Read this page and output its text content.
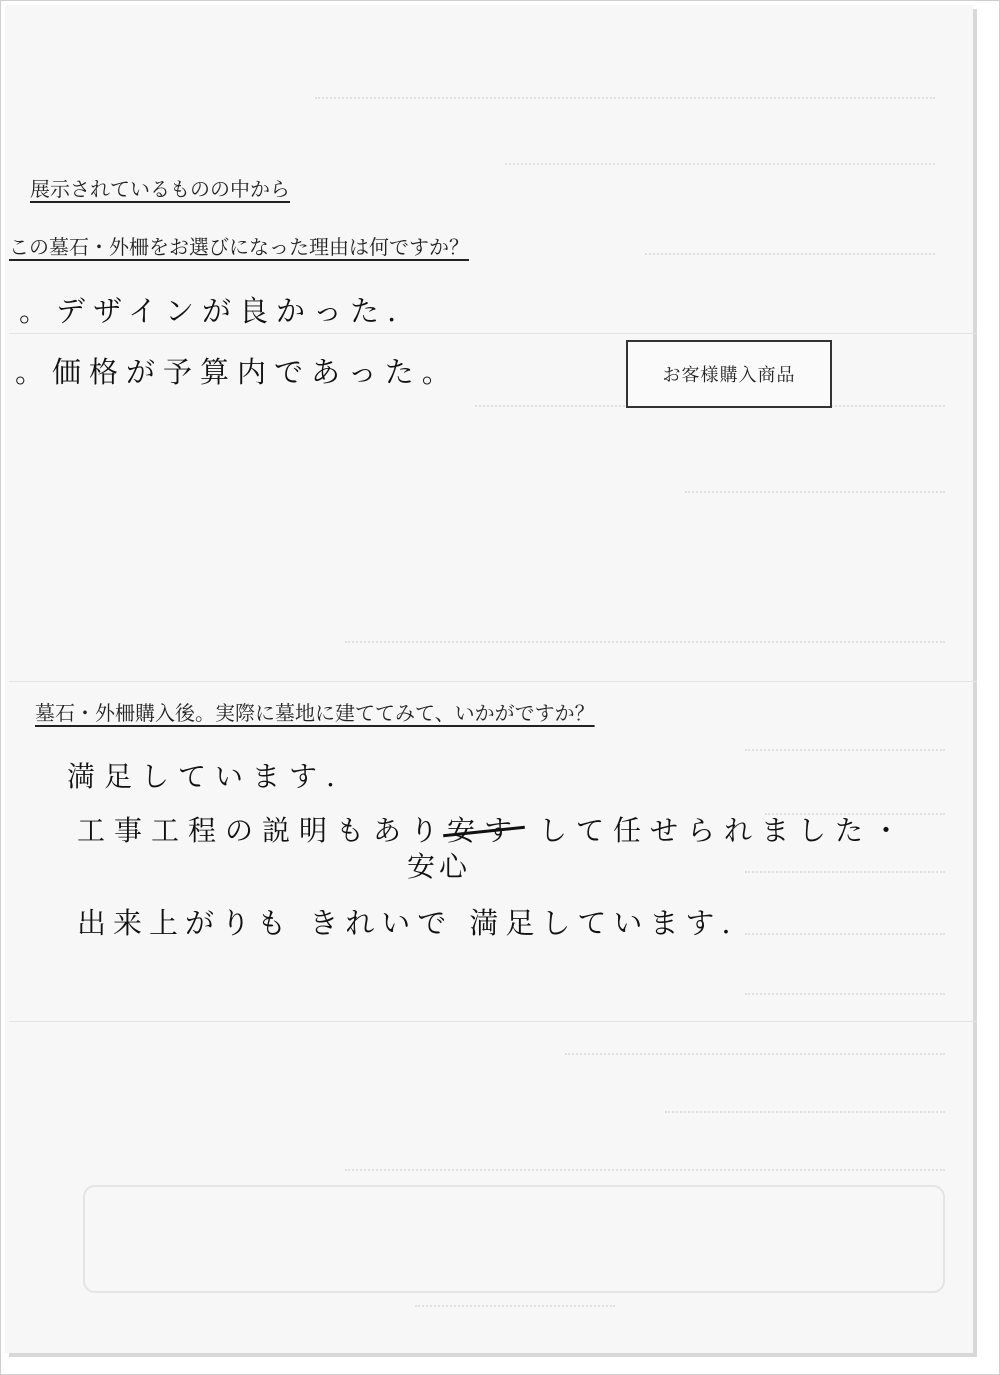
展示されているものの中から

この墓石・外柵をお選びになった理由は何ですか？

。デザインが良かった.

。価格が予算内であった。	お客様購入商品

墓石・外柵購入後。実際に墓地に建ててみて、いかがですか？

満足しています.

工事工程の説明もあり安す して任せられました・

安心

出来上がりも きれいで 満足しています.
